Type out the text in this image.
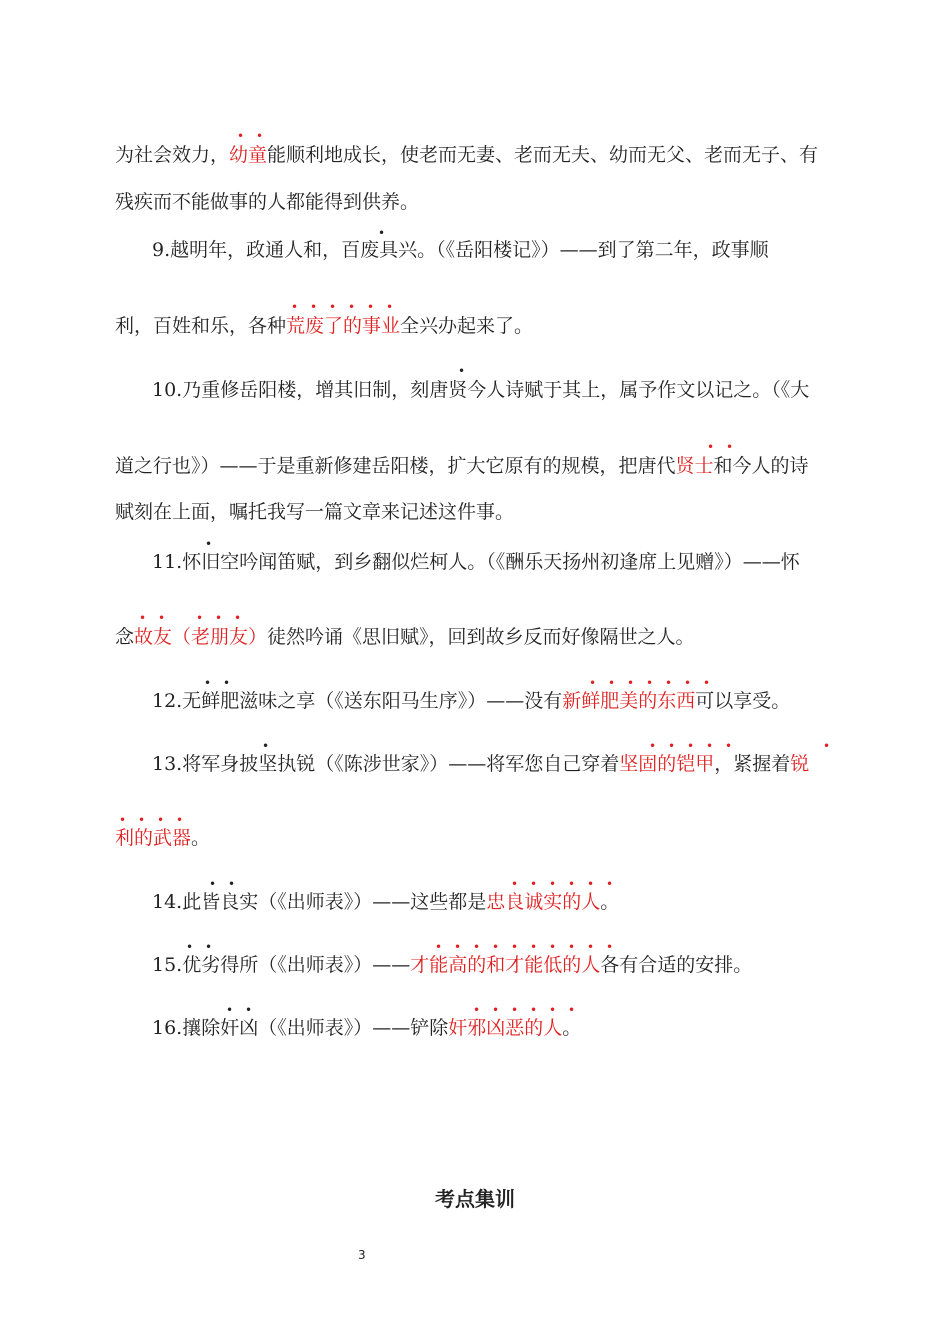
为社会效力，幼童能顺利地成长，使老而无妻、老而无夫、幼而无父、老而无子、有
残疾而不能做事的人都能得到供养。
9.越明年，政通人和，百废具兴。（《岳阳楼记》）——到了第二年，政事顺
利，百姓和乐，各种荒废了的事业全兴办起来了。
10.乃重修岳阳楼，增其旧制，刻唐贤今人诗赋于其上，属予作文以记之。（《大
道之行也》）——于是重新修建岳阳楼，扩大它原有的规模，把唐代贤士和今人的诗
赋刻在上面，嘱托我写一篇文章来记述这件事。
11.怀旧空吟闻笛赋，到乡翻似烂柯人。（《酬乐天扬州初逢席上见赠》）——怀
念故友（老朋友）徒然吟诵《思旧赋》，回到故乡反而好像隔世之人。
12.无鲜肥滋味之享（《送东阳马生序》）——没有新鲜肥美的东西可以享受。
13.将军身披坚执锐（《陈涉世家》）——将军您自己穿着坚固的铠甲，紧握着锐
利的武器。
14.此皆良实（《出师表》）——这些都是忠良诚实的人。
15.优劣得所（《出师表》）——才能高的和才能低的人各有合适的安排。
16.攘除奸凶（《出师表》）——铲除奸邪凶恶的人。
• •
•
• • • • • •
•
• •
•
• •	• • •
• •	• • • • • • •
•	• • • • •	•
• • • •
• •	• • • • • •
• •	• • • • • • • • • •
• •	• • • • • •
考点集训
3
